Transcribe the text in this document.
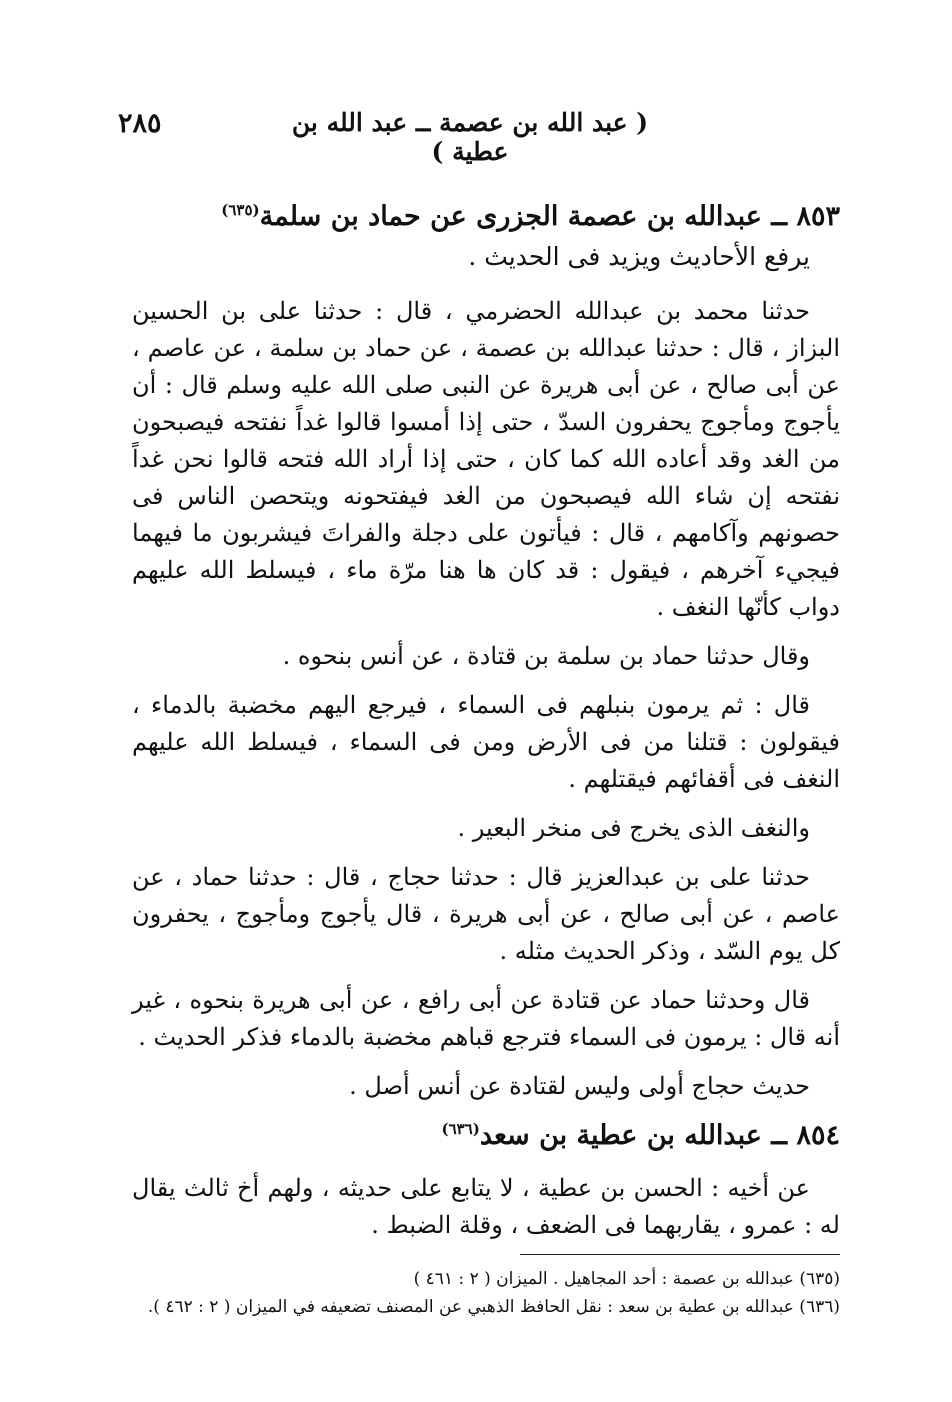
٢٨٥	( عبد الله بن عصمة ــ عبد الله بن عطية )

٨٥٣ ــ عبدالله بن عصمة الجزرى عن حماد بن سلمة$^{(٦٣٥)}$

يرفع الأحاديث ويزيد فى الحديث .

حدثنا محمد بن عبدالله الحضرمي ، قال : حدثنا على بن الحسين البزاز ، قال : حدثنا عبدالله بن عصمة ، عن حماد بن سلمة ، عن عاصم ، عن أبى صالح ، عن أبى هريرة عن النبى صلى الله عليه وسلم قال : أن يأجوج ومأجوج يحفرون السدّ ، حتى إذا أمسوا قالوا غداً نفتحه فيصبحون من الغد وقد أعاده الله كما كان ، حتى إذا أراد الله فتحه قالوا نحن غداً نفتحه إن شاء الله فيصبحون من الغد فيفتحونه ويتحصن الناس فى حصونهم وآكامهم ، قال : فيأتون على دجلة والفراتَ فيشربون ما فيهما فيجيء آخرهم ، فيقول : قد كان ها هنا مرّة ماء ، فيسلط الله عليهم دواب كأنّها النغف .

وقال حدثنا حماد بن سلمة بن قتادة ، عن أنس بنحوه .

قال : ثم يرمون بنبلهم فى السماء ، فيرجع اليهم مخضبة بالدماء ، فيقولون : قتلنا من فى الأرض ومن فى السماء ، فيسلط الله عليهم النغف فى أقفائهم فيقتلهم .

والنغف الذى يخرج فى منخر البعير .

حدثنا على بن عبدالعزيز قال : حدثنا حجاج ، قال : حدثنا حماد ، عن عاصم ، عن أبى صالح ، عن أبى هريرة ، قال يأجوج ومأجوج ، يحفرون كل يوم السّد ، وذكر الحديث مثله .

قال وحدثنا حماد عن قتادة عن أبى رافع ، عن أبى هريرة بنحوه ، غير أنه قال : يرمون فى السماء فترجع قباهم مخضبة بالدماء فذكر الحديث .

حديث حجاج أولى وليس لقتادة عن أنس أصل .

٨٥٤ ــ عبدالله بن عطية بن سعد$^{(٦٣٦)}$

عن أخيه : الحسن بن عطية ، لا يتابع على حديثه ، ولهم أخ ثالث يقال له : عمرو ، يقاربهما فى الضعف ، وقلة الضبط .

(٦٣٥) عبدالله بن عصمة : أحد المجاهيل . الميزان ( ٢ : ٤٦١ )

(٦٣٦) عبدالله بن عطية بن سعد : نقل الحافظ الذهبي عن المصنف تضعيفه في الميزان ( ٢ : ٤٦٢ ).
